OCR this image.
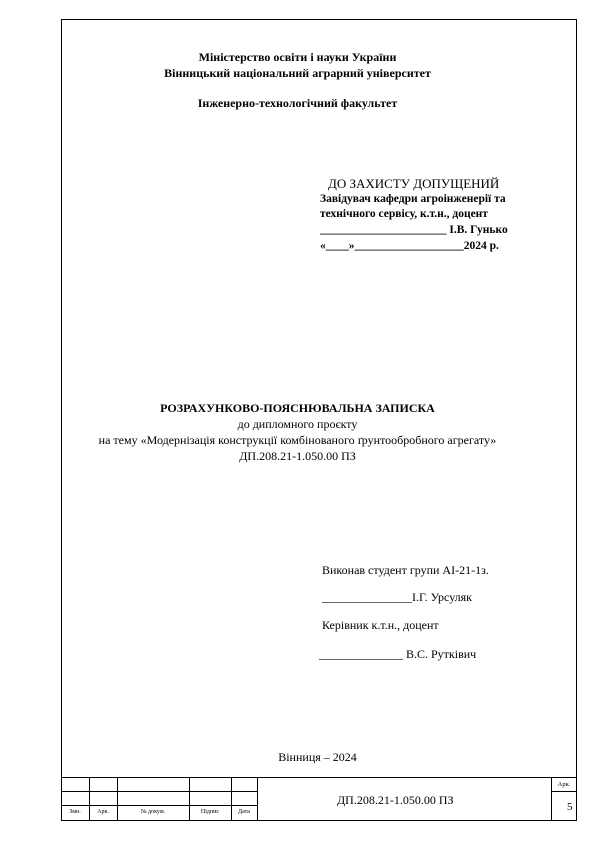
Міністерство освіти і науки України
Вінницький національний аграрний університет
Інженерно-технологічний факультет
ДО ЗАХИСТУ ДОПУЩЕНИЙ
Завідувач кафедри агроінженерії та
технічного сервісу, к.т.н., доцент
______________________ І.В. Гунько
«____»___________________2024 р.
РОЗРАХУНКОВО-ПОЯСНЮВАЛЬНА ЗАПИСКА
до дипломного проєкту
на тему «Модернізація конструкції комбінованого ґрунтообробного агрегату»
ДП.208.21-1.050.00 ПЗ
Виконав студент групи АІ-21-1з.
_______________І.Г. Урсуляк
Керівник к.т.н., доцент
______________ В.С. Рутківич
Вінниця – 2024
Змн.	Арк.	№ докум.	Підпис	Дата
ДП.208.21-1.050.00 ПЗ
Арк.
5
